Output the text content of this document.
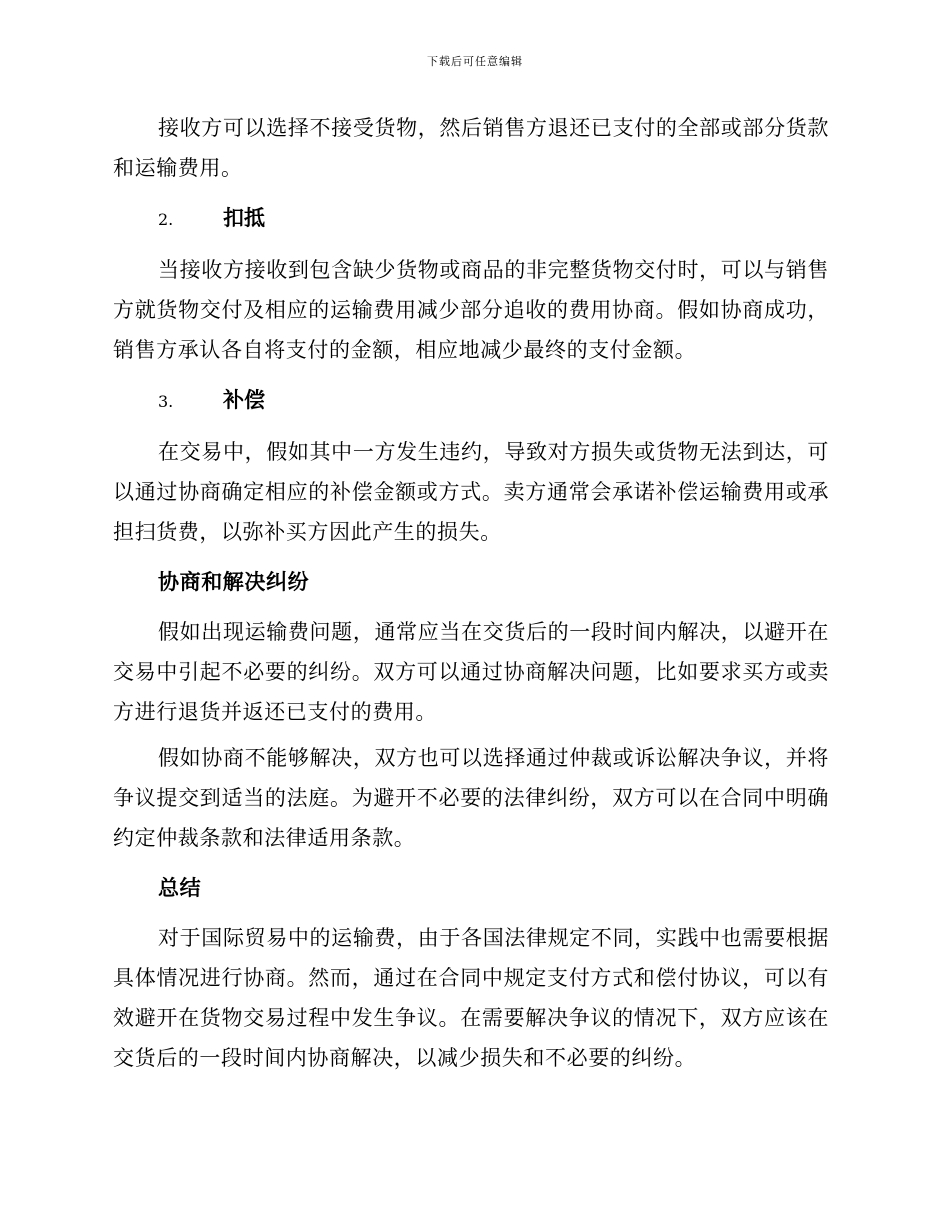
下载后可任意编辑

接收方可以选择不接受货物，然后销售方退还已支付的全部或部分货款和运输费用。

2. 扣抵

当接收方接收到包含缺少货物或商品的非完整货物交付时，可以与销售方就货物交付及相应的运输费用减少部分追收的费用协商。假如协商成功，销售方承认各自将支付的金额，相应地减少最终的支付金额。

3. 补偿

在交易中，假如其中一方发生违约，导致对方损失或货物无法到达，可以通过协商确定相应的补偿金额或方式。卖方通常会承诺补偿运输费用或承担扫货费，以弥补买方因此产生的损失。

协商和解决纠纷

假如出现运输费问题，通常应当在交货后的一段时间内解决，以避开在交易中引起不必要的纠纷。双方可以通过协商解决问题，比如要求买方或卖方进行退货并返还已支付的费用。

假如协商不能够解决，双方也可以选择通过仲裁或诉讼解决争议，并将争议提交到适当的法庭。为避开不必要的法律纠纷，双方可以在合同中明确约定仲裁条款和法律适用条款。

总结

对于国际贸易中的运输费，由于各国法律规定不同，实践中也需要根据具体情况进行协商。然而，通过在合同中规定支付方式和偿付协议，可以有效避开在货物交易过程中发生争议。在需要解决争议的情况下，双方应该在交货后的一段时间内协商解决，以减少损失和不必要的纠纷。
